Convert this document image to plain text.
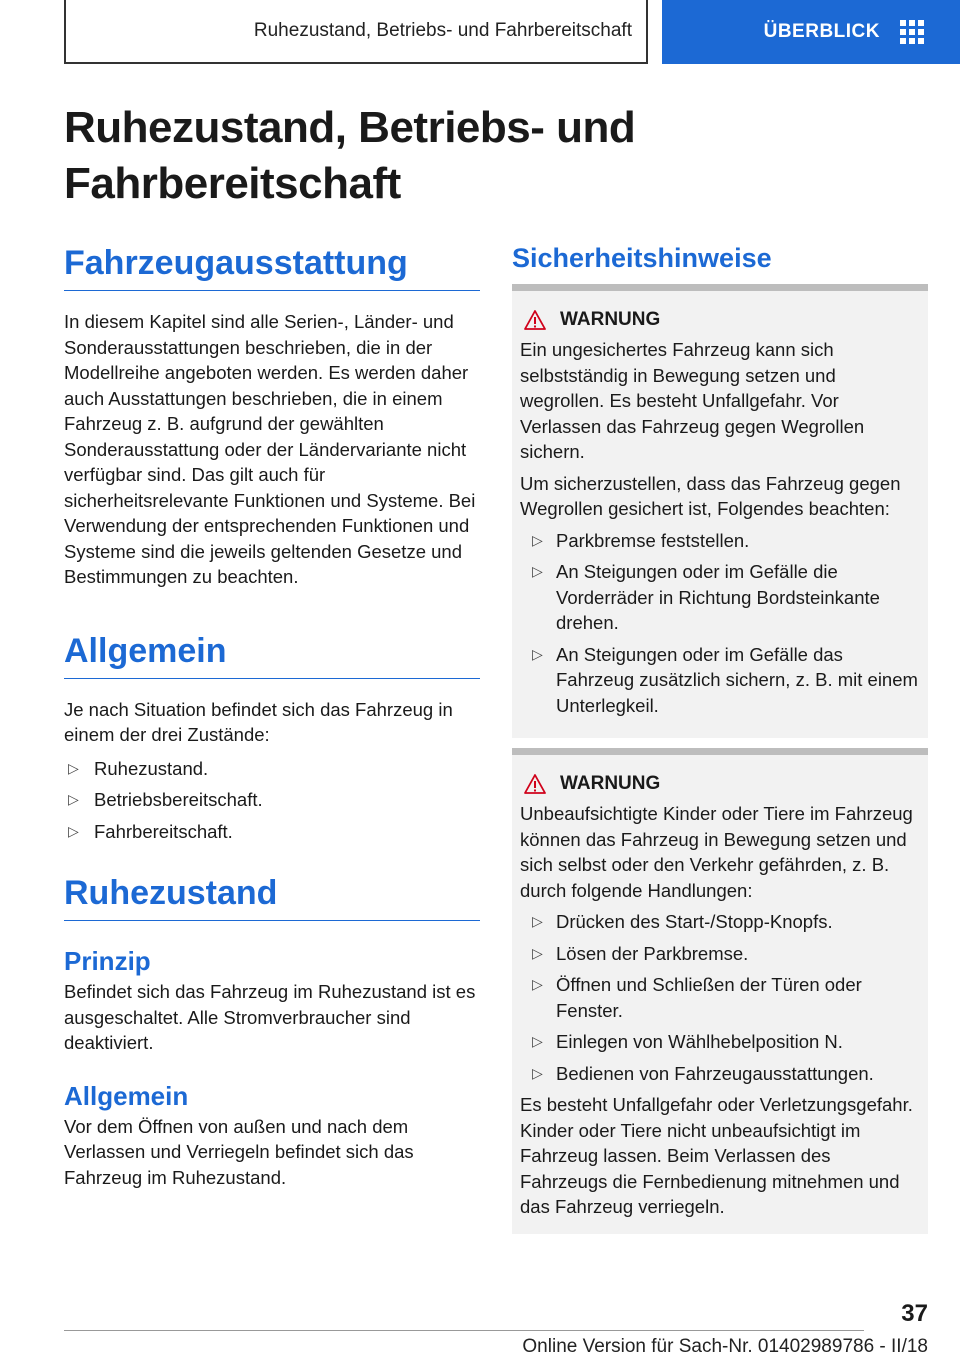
Ruhezustand, Betriebs- und Fahrbereitschaft	ÜBERBLICK
Ruhezustand, Betriebs- und
Fahrbereitschaft
Fahrzeugausstattung

In diesem Kapitel sind alle Serien-, Länder- und Sonderausstattungen beschrieben, die in der Modellreihe angeboten werden. Es werden daher auch Ausstattungen beschrieben, die in einem Fahrzeug z. B. aufgrund der gewählten Sonderausstattung oder der Ländervariante nicht verfügbar sind. Das gilt auch für sicherheitsrelevante Funktionen und Systeme. Bei Verwendung der entsprechenden Funktionen und Systeme sind die jeweils geltenden Gesetze und Bestimmungen zu beachten.

Allgemein

Je nach Situation befindet sich das Fahrzeug in einem der drei Zustände:

▷ Ruhezustand.
▷ Betriebsbereitschaft.
▷ Fahrbereitschaft.
Ruhezustand
Prinzip

Befindet sich das Fahrzeug im Ruhezustand ist es ausgeschaltet. Alle Stromverbraucher sind deaktiviert.

Allgemein

Vor dem Öffnen von außen und nach dem Verlassen und Verriegeln befindet sich das Fahrzeug im Ruhezustand.

Sicherheitshinweise
WARNUNG

Ein ungesichertes Fahrzeug kann sich selbstständig in Bewegung setzen und wegrollen. Es besteht Unfallgefahr. Vor Verlassen das Fahrzeug gegen Wegrollen sichern.

Um sicherzustellen, dass das Fahrzeug gegen Wegrollen gesichert ist, Folgendes beachten:

▷ Parkbremse feststellen.
▷ An Steigungen oder im Gefälle die Vorderräder in Richtung Bordsteinkante drehen.
▷ An Steigungen oder im Gefälle das Fahrzeug zusätzlich sichern, z. B. mit einem Unterlegkeil.
WARNUNG

Unbeaufsichtigte Kinder oder Tiere im Fahrzeug können das Fahrzeug in Bewegung setzen und sich selbst oder den Verkehr gefährden, z. B. durch folgende Handlungen:

▷ Drücken des Start-/Stopp-Knopfs.
▷ Lösen der Parkbremse.
▷ Öffnen und Schließen der Türen oder Fenster.
▷ Einlegen von Wählhebelposition N.
▷ Bedienen von Fahrzeugausstattungen.

Es besteht Unfallgefahr oder Verletzungsgefahr. Kinder oder Tiere nicht unbeaufsichtigt im Fahrzeug lassen. Beim Verlassen des Fahrzeugs die Fernbedienung mitnehmen und das Fahrzeug verriegeln.

37
Online Version für Sach-Nr. 01402989786 - II/18
